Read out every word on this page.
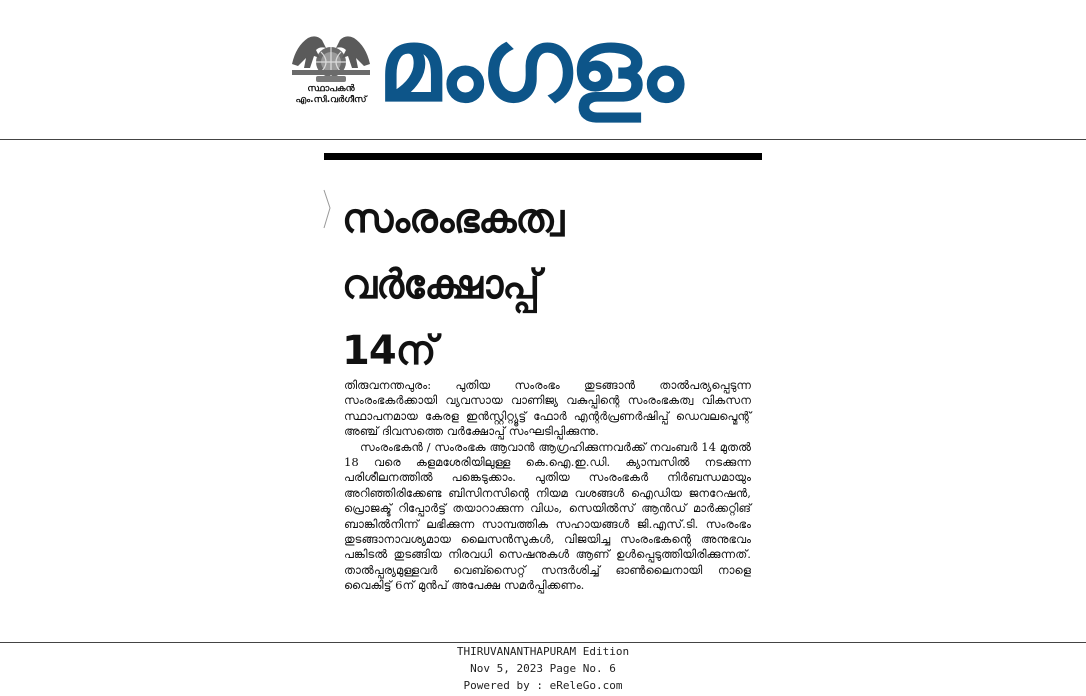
സ്ഥാപകൻ
എം.സി.വർഗീസ് മംഗളം
സംരംഭകത്വ
വർക്ഷോപ്പ്
14ന്

തിരുവനന്തപുരം: പുതിയ സംരംഭം തുടങ്ങാൻ താൽപര്യപ്പെടുന്ന സംരംഭകർക്കായി വ്യവസായ വാണിജ്യ വകുപ്പിന്റെ സംരംഭകത്വ വികസന സ്ഥാപനമായ കേരള ഇൻസ്റ്റിറ്റ്യൂട്ട് ഫോർ എന്റർപ്രണർഷിപ്പ് ഡെവലപ്മെന്റ് അഞ്ച് ദിവസത്തെ വർക്ഷോപ്പ് സംഘടിപ്പിക്കുന്നു.

സംരംഭകൻ / സംരംഭക ആവാൻ ആഗ്രഹിക്കുന്നവർക്ക് നവംബർ 14 മുതൽ 18 വരെ കളമശേരിയിലുള്ള കെ.ഐ.ഇ.ഡി. ക്യാമ്പസിൽ നടക്കുന്ന പരിശീലനത്തിൽ പങ്കെടുക്കാം. പുതിയ സംരംഭകർ നിർബന്ധമായും അറിഞ്ഞിരിക്കേണ്ട ബിസിനസിന്റെ നിയമ വശങ്ങൾ ഐഡിയ ജനറേഷൻ, പ്രൊജക്ട് റിപ്പോർട്ട് തയാറാക്കുന്ന വിധം, സെയിൽസ് ആൻഡ് മാർക്കറ്റിങ് ബാങ്കിൽനിന്ന് ലഭിക്കുന്ന സാമ്പത്തിക സഹായങ്ങൾ ജി.എസ്.ടി. സംരംഭം തുടങ്ങാനാവശ്യമായ ലൈസൻസുകൾ, വിജയിച്ച സംരംഭകന്റെ അനുഭവം പങ്കിടൽ തുടങ്ങിയ നിരവധി സെഷനുകൾ ആണ് ഉൾപ്പെടുത്തിയിരിക്കുന്നത്. താൽപ്പര്യമുള്ളവർ വെബ്സൈറ്റ് സന്ദർശിച്ച് ഓൺലൈനായി നാളെ വൈകിട്ട് 6ന് മുൻപ് അപേക്ഷ സമർപ്പിക്കണം.

THIRUVANANTHAPURAM Edition
Nov 5, 2023 Page No. 6
Powered by : eReleGo.com
